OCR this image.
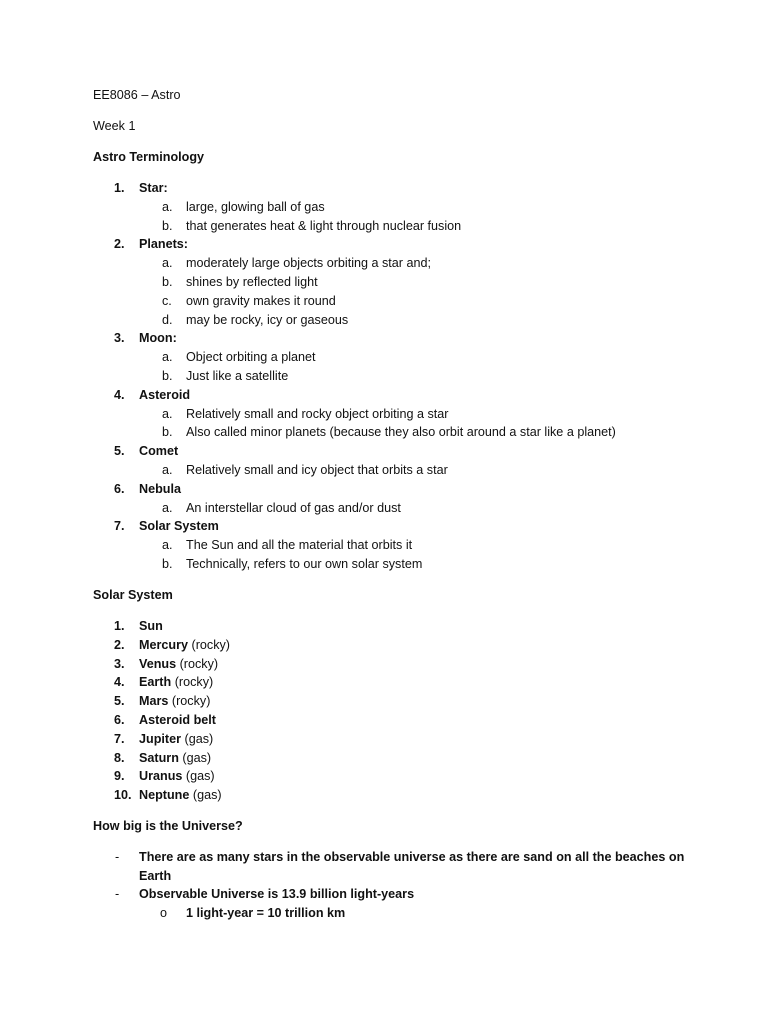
EE8086 – Astro
Week 1
Astro Terminology
1.	Star:
a.	large, glowing ball of gas
b.	that generates heat & light through nuclear fusion
2.	Planets:
a.	moderately large objects orbiting a star and;
b.	shines by reflected light
c.	own gravity makes it round
d.	may be rocky, icy or gaseous
3.	Moon:
a.	Object orbiting a planet
b.	Just like a satellite
4.	Asteroid
a.	Relatively small and rocky object orbiting a star
b.	Also called minor planets (because they also orbit around a star like a planet)
5.	Comet
a.	Relatively small and icy object that orbits a star
6.	Nebula
a.	An interstellar cloud of gas and/or dust
7.	Solar System
a.	The Sun and all the material that orbits it
b.	Technically, refers to our own solar system
Solar System
1.	Sun
2.	Mercury (rocky)
3.	Venus (rocky)
4.	Earth (rocky)
5.	Mars (rocky)
6.	Asteroid belt
7.	Jupiter (gas)
8.	Saturn (gas)
9.	Uranus (gas)
10. Neptune (gas)
How big is the Universe?
- There are as many stars in the observable universe as there are sand on all the beaches on Earth
- Observable Universe is 13.9 billion light-years
o 1 light-year = 10 trillion km
